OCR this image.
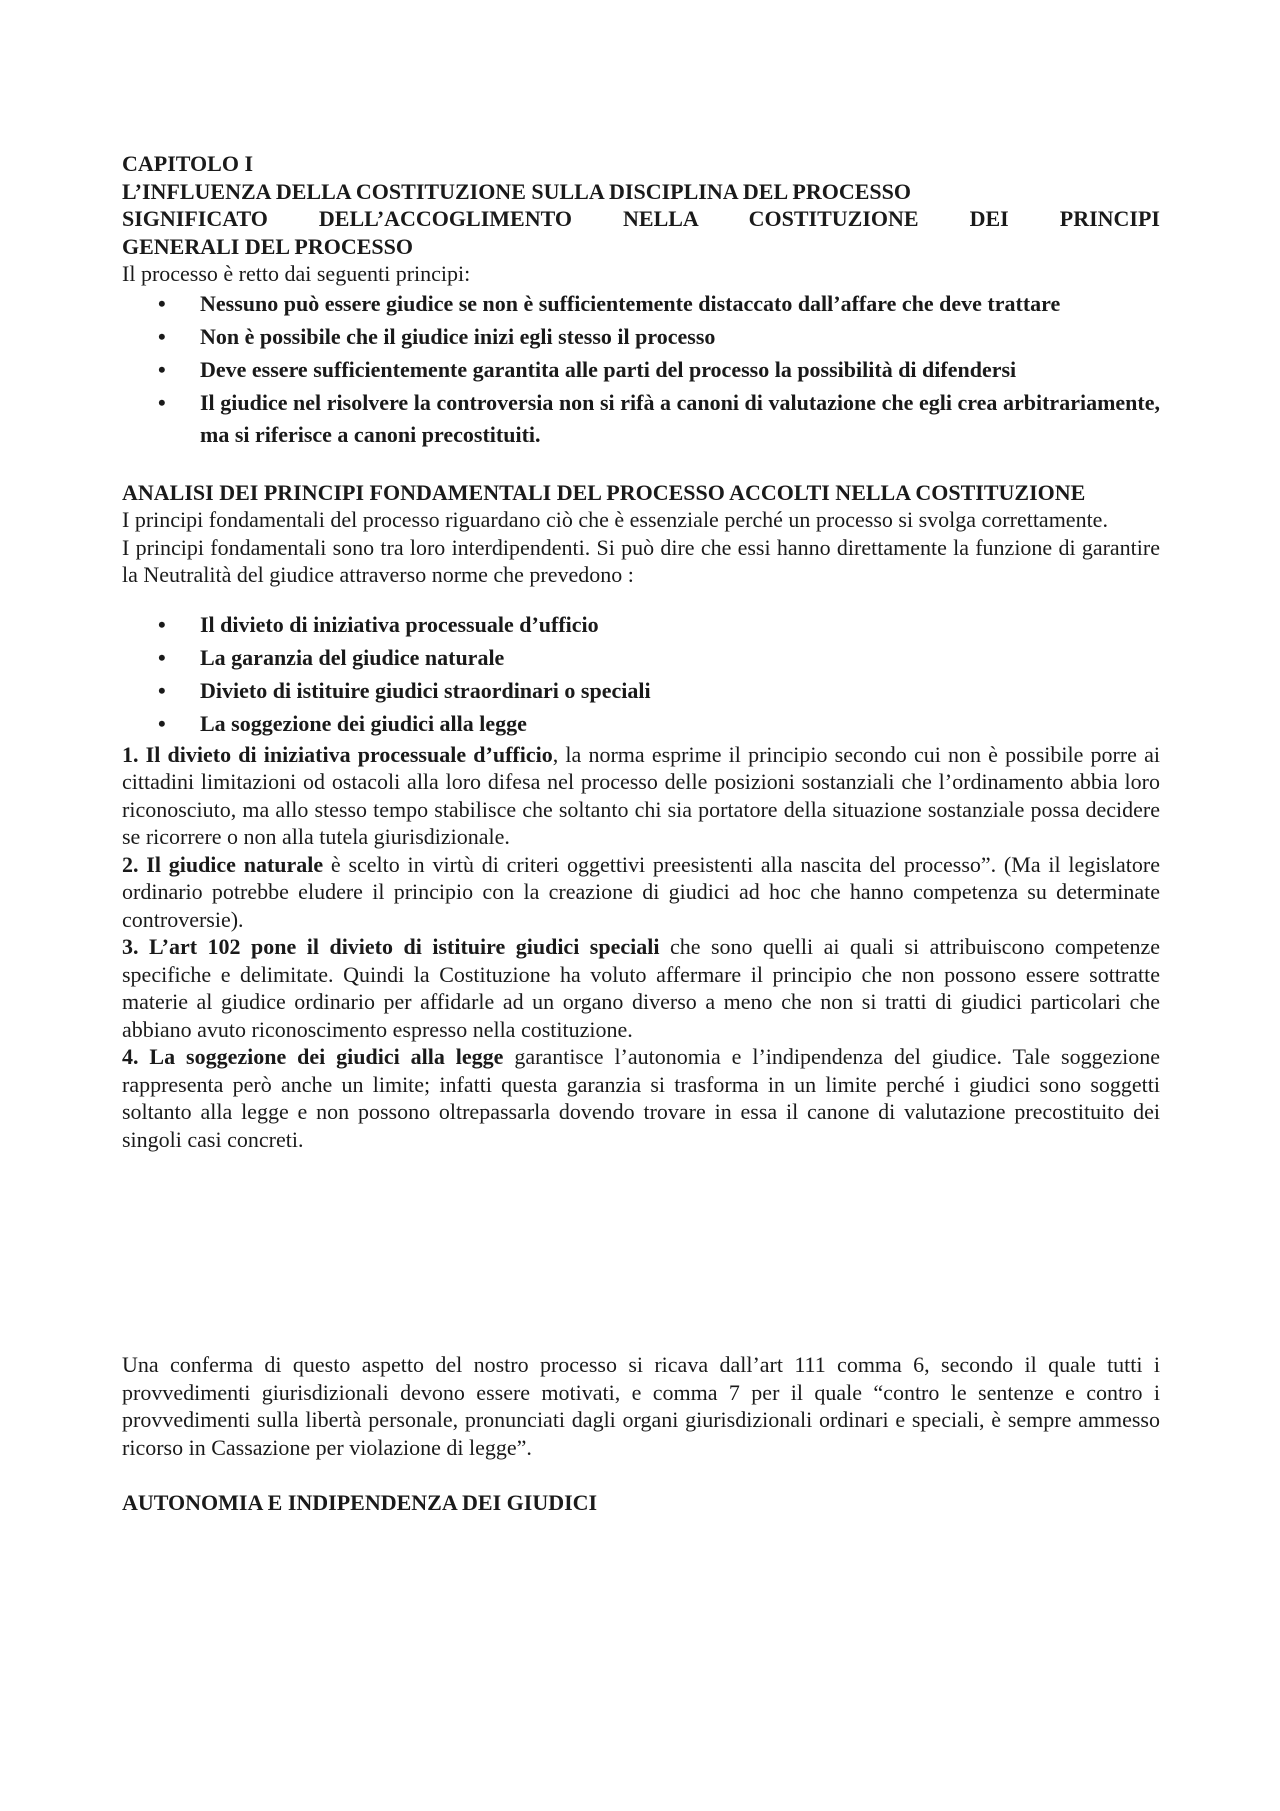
CAPITOLO I

L’INFLUENZA DELLA COSTITUZIONE SULLA DISCIPLINA DEL PROCESSO

SIGNIFICATO DELL’ACCOGLIMENTO NELLA COSTITUZIONE DEI PRINCIPI

GENERALI DEL PROCESSO

Il processo è retto dai seguenti principi:

• Nessuno può essere giudice se non è sufficientemente distaccato dall’affare che deve trattare
• Non è possibile che il giudice inizi egli stesso il processo
• Deve essere sufficientemente garantita alle parti del processo la possibilità di difendersi
• Il giudice nel risolvere la controversia non si rifà a canoni di valutazione che egli crea arbitrariamente, ma si riferisce a canoni precostituiti.

ANALISI DEI PRINCIPI FONDAMENTALI DEL PROCESSO ACCOLTI NELLA COSTITUZIONE

I principi fondamentali del processo riguardano ciò che è essenziale perché un processo si svolga correttamente.

I principi fondamentali sono tra loro interdipendenti. Si può dire che essi hanno direttamente la funzione di garantire la Neutralità del giudice attraverso norme che prevedono :

• Il divieto di iniziativa processuale d’ufficio
• La garanzia del giudice naturale
• Divieto di istituire giudici straordinari o speciali
• La soggezione dei giudici alla legge

1. Il divieto di iniziativa processuale d’ufficio, la norma esprime il principio secondo cui non è possibile porre ai cittadini limitazioni od ostacoli alla loro difesa nel processo delle posizioni sostanziali che l’ordinamento abbia loro riconosciuto, ma allo stesso tempo stabilisce che soltanto chi sia portatore della situazione sostanziale possa decidere se ricorrere o non alla tutela giurisdizionale.

2. Il giudice naturale è scelto in virtù di criteri oggettivi preesistenti alla nascita del processo”. (Ma il legislatore ordinario potrebbe eludere il principio con la creazione di giudici ad hoc che hanno competenza su determinate controversie).

3. L’art 102 pone il divieto di istituire giudici speciali che sono quelli ai quali si attribuiscono competenze specifiche e delimitate. Quindi la Costituzione ha voluto affermare il principio che non possono essere sottratte materie al giudice ordinario per affidarle ad un organo diverso a meno che non si tratti di giudici particolari che abbiano avuto riconoscimento espresso nella costituzione.

4. La soggezione dei giudici alla legge garantisce l’autonomia e l’indipendenza del giudice. Tale soggezione rappresenta però anche un limite; infatti questa garanzia si trasforma in un limite perché i giudici sono soggetti soltanto alla legge e non possono oltrepassarla dovendo trovare in essa il canone di valutazione precostituito dei singoli casi concreti.

Una conferma di questo aspetto del nostro processo si ricava dall’art 111 comma 6, secondo il quale tutti i provvedimenti giurisdizionali devono essere motivati, e comma 7 per il quale “contro le sentenze e contro i provvedimenti sulla libertà personale, pronunciati dagli organi giurisdizionali ordinari e speciali, è sempre ammesso ricorso in Cassazione per violazione di legge”.

AUTONOMIA E INDIPENDENZA DEI GIUDICI
